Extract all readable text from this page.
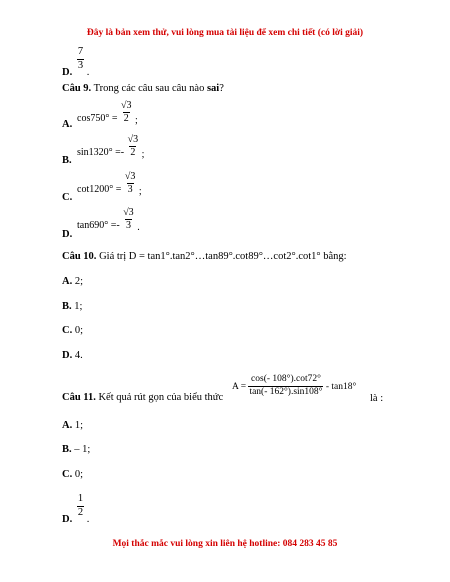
Đây là bản xem thử, vui lòng mua tài liệu để xem chi tiết (có lời giải)
D.
$\frac{7}{3}$
.
Câu 9. Trong các câu sau câu nào sai?
A.
$\cos 750^\circ = \frac{√3}{2}$ ;
B.
$\sin 1320^\circ =- \frac{√3}{2}$ ;
C.
$\cot 1200^\circ = \frac{√3}{3}$ ;
D.
$\tan 690^\circ =- \frac{√3}{3}$ .
Câu 10. Giá trị D = tan1°.tan2°…tan89°.cot89°…cot2°.cot1° bằng:
A. 2;
B. 1;
C. 0;
D. 4.
Câu 11. Kết quả rút gọn của biểu thức
$A = \frac{\cos(- 108^\circ).\cot 72^\circ}{\tan(- 162^\circ).\sin 108^\circ} - \tan 18^\circ$
là :
A. 1;
B. – 1;
C. 0;
D.
$\frac{1}{2}$
.
Mọi thắc mắc vui lòng xin liên hệ hotline: 084 283 45 85
